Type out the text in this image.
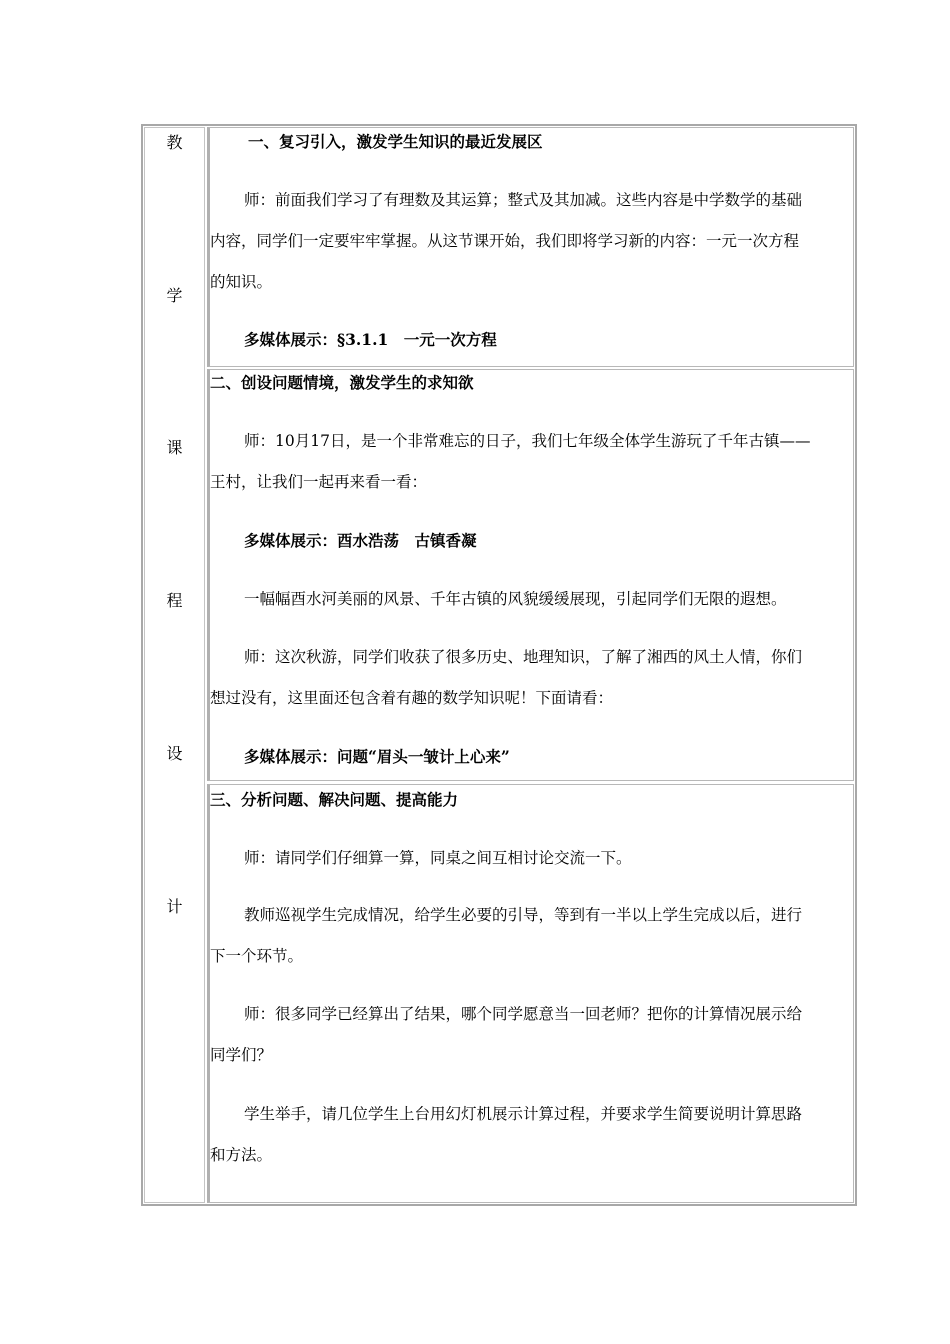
教
学
课
程
设
计
一、复习引入，激发学生知识的最近发展区
师：前面我们学习了有理数及其运算；整式及其加减。这些内容是中学数学的基础
内容，同学们一定要牢牢掌握。从这节课开始，我们即将学习新的内容：一元一次方程
的知识。
多媒体展示：§3.1.1　一元一次方程
二、创设问题情境，激发学生的求知欲
师：10月17日，是一个非常难忘的日子，我们七年级全体学生游玩了千年古镇——
王村，让我们一起再来看一看：
多媒体展示：酉水浩荡　古镇香凝
一幅幅酉水河美丽的风景、千年古镇的风貌缓缓展现，引起同学们无限的遐想。
师：这次秋游，同学们收获了很多历史、地理知识，了解了湘西的风土人情，你们
想过没有，这里面还包含着有趣的数学知识呢！下面请看：
多媒体展示：问题“眉头一皱计上心来”
三、分析问题、解决问题、提高能力
师：请同学们仔细算一算，同桌之间互相讨论交流一下。
教师巡视学生完成情况，给学生必要的引导，等到有一半以上学生完成以后，进行
下一个环节。
师：很多同学已经算出了结果，哪个同学愿意当一回老师？把你的计算情况展示给
同学们？
学生举手，请几位学生上台用幻灯机展示计算过程，并要求学生简要说明计算思路
和方法。
